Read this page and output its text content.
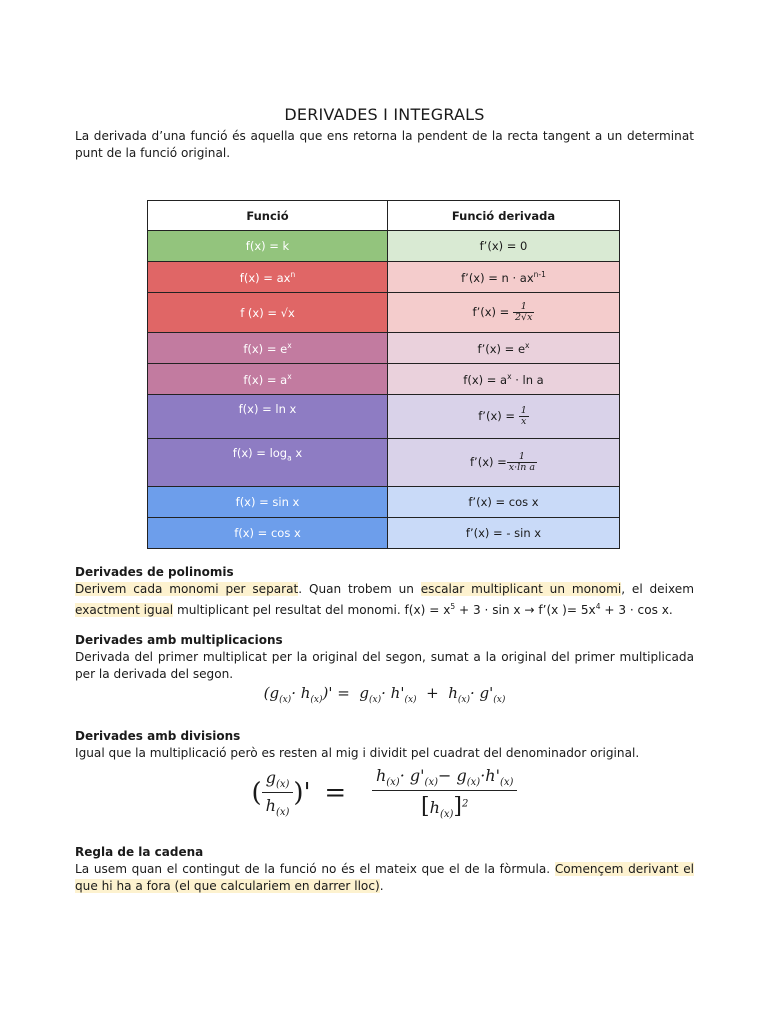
DERIVADES I INTEGRALS

La derivada d’una funció és aquella que ens retorna la pendent de la recta tangent a un determinat punt de la funció original.

Funció	Funció derivada
f(x) = k	f’(x) = 0
$f(x) = ax^n$	f’(x) = $n \cdot ax^{n-1}$
f (x) = √x	f’(x) = $\frac{1}{2√x}$

$f(x) = e^x$	f’(x) = $e^x$
$f(x) = a^x$	$f(x) = a^x \cdot \ln a$
f(x) = ln x	f’(x) = $\frac{1}{x}$

$f(x) = \log_a x$	f’(x) = $\frac{1}{\text{x·ln a}}$

f(x) = sin x	f’(x) = cos x
f(x) = cos x	f’(x) = - sin x

Derivades de polinomis

Derivem cada monomi per separat. Quan trobem un escalar multiplicant un monomi, el deixem exactment igual multiplicant pel resultat del monomi. $f(x) = x^5 + 3 \cdot \sin x$ → f’(x )= $5x^4 + 3 \cdot \cos x$.

Derivades amb multiplicacions

Derivada del primer multiplicat per la original del segon, sumat a la original del primer multiplicada per la derivada del segon.

$(g_{(x)}\cdot h_{(x)})' = g_{(x)}\cdot h'_{(x)} + h_{(x)}\cdot g'_{(x)}$

Derivades amb divisions

Igual que la multiplicació però es resten al mig i dividit pel cuadrat del denominador original.

( $\frac{g_{(x)}}{h_{(x)}}$ )' = $\frac{h_{(x)}\cdot g'_{(x)}- g_{(x)}\cdot h'_{(x)}}{[h_{(x)}]^2}$

Regla de la cadena

La usem quan el contingut de la funció no és el mateix que el de la fòrmula. Començem derivant el que hi ha a fora (el que calculariem en darrer lloc).
